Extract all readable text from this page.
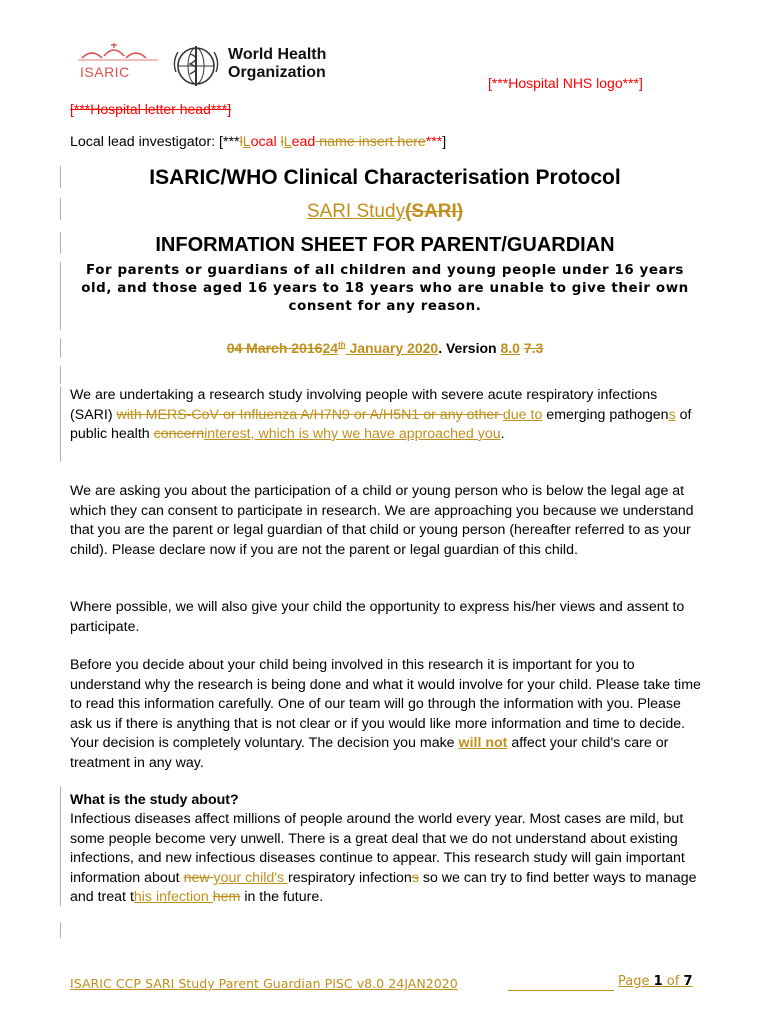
ISARIC
World Health
Organization
[***Hospital NHS logo***]
[***Hospital letter head***]
Local lead investigator: [***lLocal lLead name insert here***]
ISARIC/WHO Clinical Characterisation Protocol
SARI Study(SARI)
INFORMATION SHEET FOR PARENT/GUARDIAN
For parents or guardians of all children and young people under 16 years old, and those aged 16 years to 18 years who are unable to give their own consent for any reason.
04 March 201624th January 2020. Version 8.0 7.3
We are undertaking a research study involving people with severe acute respiratory infections (SARI) with MERS-CoV or Influenza A/H7N9 or A/H5N1 or any other due to emerging pathogens of public health concerninterest, which is why we have approached you.
We are asking you about the participation of a child or young person who is below the legal age at which they can consent to participate in research. We are approaching you because we understand that you are the parent or legal guardian of that child or young person (hereafter referred to as your child). Please declare now if you are not the parent or legal guardian of this child.
Where possible, we will also give your child the opportunity to express his/her views and assent to participate.
Before you decide about your child being involved in this research it is important for you to understand why the research is being done and what it would involve for your child. Please take time to read this information carefully. One of our team will go through the information with you. Please ask us if there is anything that is not clear or if you would like more information and time to decide. Your decision is completely voluntary. The decision you make will not affect your child's care or treatment in any way.
What is the study about?
Infectious diseases affect millions of people around the world every year. Most cases are mild, but some people become very unwell. There is a great deal that we do not understand about existing infections, and new infectious diseases continue to appear. This research study will gain important information about new your child's respiratory infections so we can try to find better ways to manage and treat this infection hem in the future.
ISARIC CCP SARI Study Parent Guardian PISC v8.0 24JAN2020	Page 1 of 7
